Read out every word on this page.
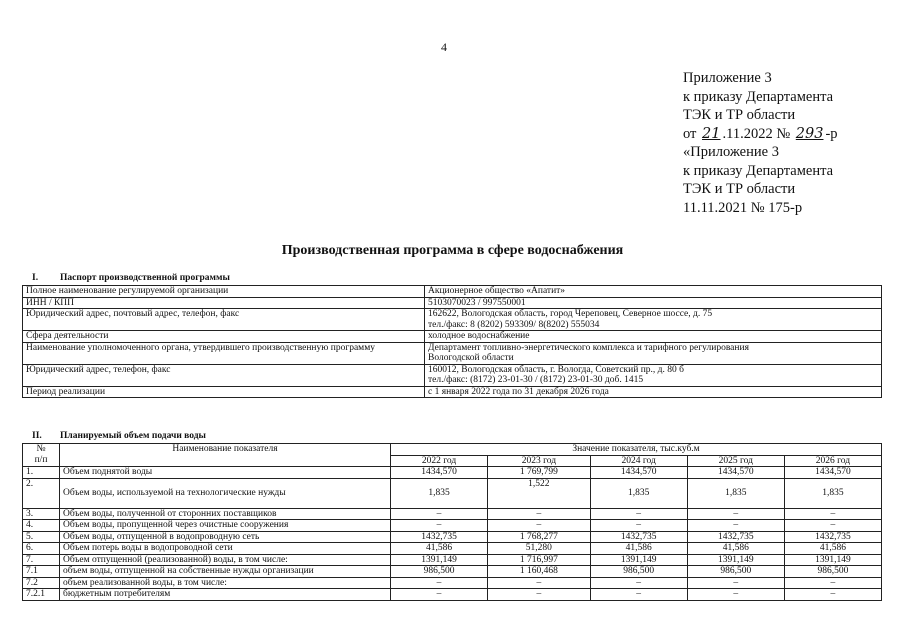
4
Приложение 3
к приказу Департамента
ТЭК и ТР области
от 21 .11.2022 № 293 -р
«Приложение 3
к приказу Департамента
ТЭК и ТР области
11.11.2021 № 175-р
Производственная программа в сфере водоснабжения
I. Паспорт производственной программы
Полное наименование регулируемой организации	Акционерное общество «Апатит»

ИНН / КПП	5103070023 / 997550001

Юридический адрес, почтовый адрес, телефон, факс	162622, Вологодская область, город Череповец, Северное шоссе, д. 75
тел./факс: 8 (8202) 593309/ 8(8202) 555034

Сфера деятельности	холодное водоснабжение

Наименование уполномоченного органа, утвердившего производственную программу	Департамент топливно-энергетического комплекса и тарифного регулирования
Вологодской области

Юридический адрес, телефон, факс	160012, Вологодская область, г. Вологда, Советский пр., д. 80 б
тел./факс: (8172) 23-01-30 / (8172) 23-01-30 доб. 1415

Период реализации	с 1 января 2022 года по 31 декабря 2026 года
II. Планируемый объем подачи воды
№
п/п	Наименование показателя	Значение показателя, тыс.куб.м				
		2022 год	2023 год	2024 год	2025 год	2026 год
1.	Объем поднятой воды	1434,570	1 769,799	1434,570	1434,570	1434,570
2.	Объем воды, используемой на технологические нужды	1,835	1,522	1,835	1,835	1,835
3.	Объем воды, полученной от сторонних поставщиков	–	–	–	–	–
4.	Объем воды, пропущенной через очистные сооружения	–	–	–	–	–
5.	Объем воды, отпущенной в водопроводную сеть	1432,735	1 768,277	1432,735	1432,735	1432,735
6.	Объем потерь воды в водопроводной сети	41,586	51,280	41,586	41,586	41,586
7.	Объем отпущенной (реализованной) воды, в том числе:	1391,149	1 716,997	1391,149	1391,149	1391,149
7.1	объем воды, отпущенной на собственные нужды организации	986,500	1 160,468	986,500	986,500	986,500
7.2	объем реализованной воды, в том числе:	–	–	–	–	–
7.2.1	бюджетным потребителям	–	–	–	–	–
